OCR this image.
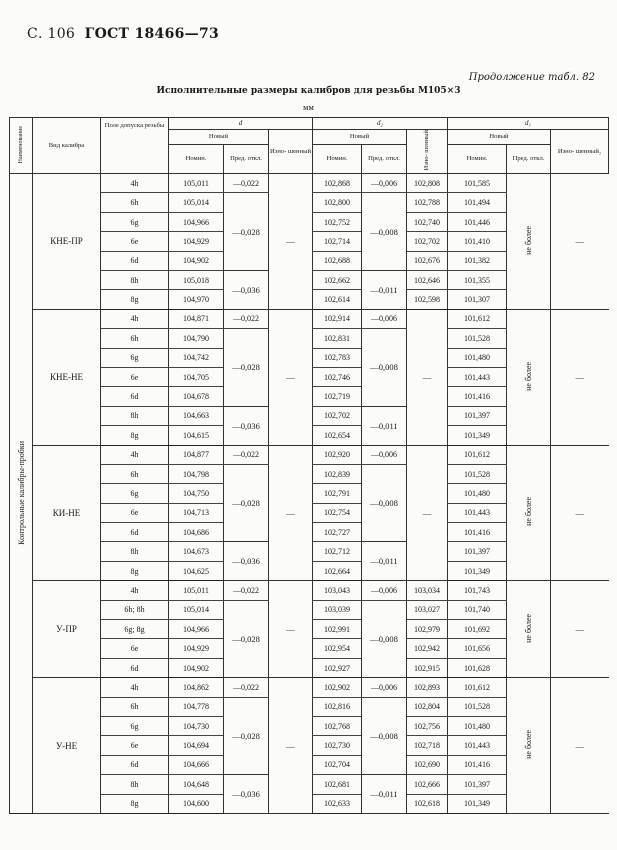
С. 106 ГОСТ 18466—73
Продолжение табл. 82
Исполнительные размеры калибров для резьбы М105×3
мм
Наименование	Вид калибра	Поле допуска резьбы	d			d₂			d₁		
			Новый		Изно- шенный	Новый		Изно- шенный	Новый		Изно- шенный₂
			Номин.	Пред. откл.		Номин.	Пред. откл.		Номин.	Пред. откл.	
Контрольные калибры-пробки	КНЕ-ПР	4h	105,011	—0,022	—	102,868	—0,006	102,808	101,585	не более	—
		6h	105,014	—0,028		102,800	—0,008	102,788	101,494		
		6g	104,966			102,752		102,740	101,446		
		6e	104,929			102,714		102,702	101,410		
		6d	104,902			102,688		102,676	101,382		
		8h	105,018	—0,036		102,662	—0,011	102,646	101,355		
		8g	104,970			102,614		102,598	101,307		
	КНЕ-НЕ	4h	104,871	—0,022	—	102,914	—0,006	—	101,612	не более	—
		6h	104,790	—0,028		102,831	—0,008		101,528		
		6g	104,742			102,783			101,480		
		6e	104,705			102,746			101,443		
		6d	104,678			102,719			101,416		
		8h	104,663	—0,036		102,702	—0,011		101,397		
		8g	104,615			102,654			101,349		
	КИ-НЕ	4h	104,877	—0,022	—	102,920	—0,006	—	101,612	не более	—
		6h	104,798	—0,028		102,839	—0,008		101,528		
		6g	104,750			102,791			101,480		
		6e	104,713			102,754			101,443		
		6d	104,686			102,727			101,416		
		8h	104,673	—0,036		102,712	—0,011		101,397		
		8g	104,625			102,664			101,349		
	У-ПР	4h	105,011	—0,022	—	103,043	—0,006	103,034	101,743	не более	—
		6h; 8h	105,014	—0,028		103,039	—0,008	103,027	101,740		
		6g; 8g	104,966			102,991		102,979	101,692		
		6e	104,929			102,954		102,942	101,656		
		6d	104,902			102,927		102,915	101,628		
	У-НЕ	4h	104,862	—0,022	—	102,902	—0,006	102,893	101,612	не более	—
		6h	104,778	—0,028		102,816	—0,008	102,804	101,528		
		6g	104,730			102,768		102,756	101,480		
		6e	104,694			102,730		102,718	101,443		
		6d	104,666			102,704		102,690	101,416		
		8h	104,648	—0,036		102,681	—0,011	102,666	101,397		
		8g	104,600			102,633		102,618	101,349		
